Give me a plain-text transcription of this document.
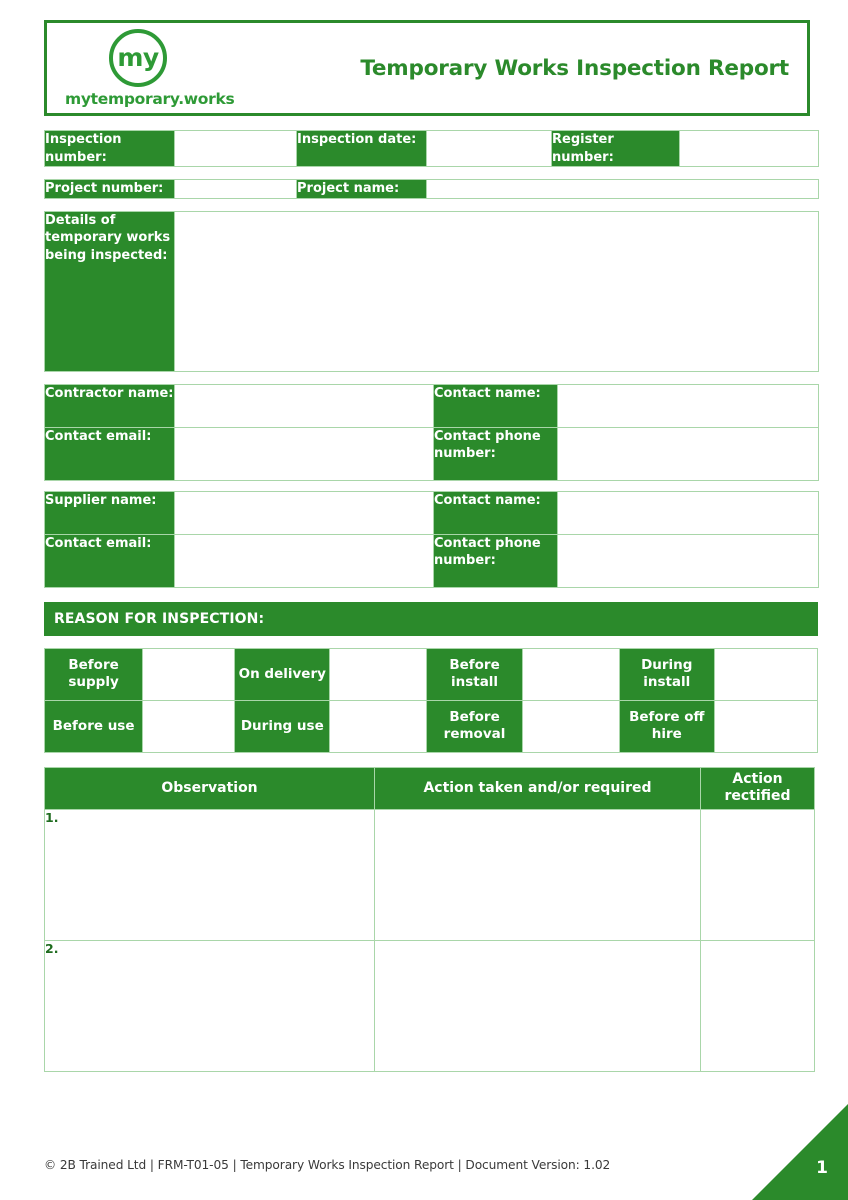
my
mytemporary.works
Temporary Works Inspection Report
Inspection number:		Inspection date:		Register number:	
Project number:		Project name:	
Details of temporary works being inspected:	
Contractor name:		Contact name:	
Contact email:		Contact phone number:	
Supplier name:		Contact name:	
Contact email:		Contact phone number:	
REASON FOR INSPECTION:
Before supply		On delivery		Before install		During install	
Before use		During use		Before removal		Before off hire	
Observation	Action taken and/or required	Action rectified
1.		
2.		
© 2B Trained Ltd | FRM-T01-05 | Temporary Works Inspection Report | Document Version: 1.02	1
